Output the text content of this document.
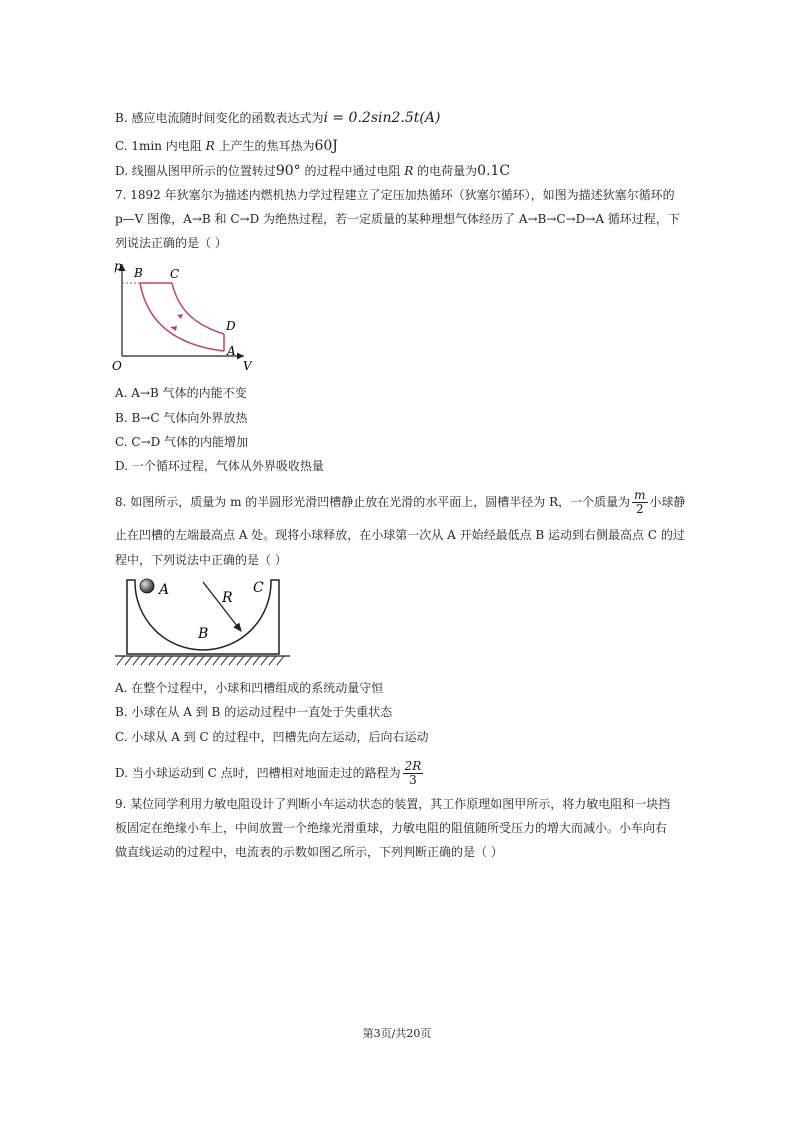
B. 感应电流随时间变化的函数表达式为i = 0.2sin2.5t(A)
C. 1min 内电阻 R 上产生的焦耳热为60J
D. 线圈从图甲所示的位置转过90° 的过程中通过电阻 R 的电荷量为0.1C
7. 1892 年狄塞尔为描述内燃机热力学过程建立了定压加热循环（狄塞尔循环），如图为描述狄塞尔循环的
p—V 图像，A→B 和 C→D 为绝热过程，若一定质量的某种理想气体经历了 A→B→C→D→A 循环过程，下
列说法正确的是（ ）
p
V
O
B C
D
A
A. A→B 气体的内能不变
B. B→C 气体向外界放热
C. C→D 气体的内能增加
D. 一个循环过程，气体从外界吸收热量
8. 如图所示，质量为 m 的半圆形光滑凹槽静止放在光滑的水平面上，圆槽半径为 R，一个质量为 $\frac{m}{2}$ 小球静
止在凹槽的左端最高点 A 处。现将小球释放，在小球第一次从 A 开始经最低点 B 运动到右侧最高点 C 的过
程中，下列说法中正确的是（ ）
A	C
R
B
A. 在整个过程中，小球和凹槽组成的系统动量守恒
B. 小球在从 A 到 B 的运动过程中一直处于失重状态
C. 小球从 A 到 C 的过程中，凹槽先向左运动，后向右运动
D. 当小球运动到 C 点时，凹槽相对地面走过的路程为 $\frac{2R}{3}$
9. 某位同学利用力敏电阻设计了判断小车运动状态的装置，其工作原理如图甲所示，将力敏电阻和一块挡
板固定在绝缘小车上，中间放置一个绝缘光滑重球，力敏电阻的阻值随所受压力的增大而减小。小车向右
做直线运动的过程中，电流表的示数如图乙所示，下列判断正确的是（ ）
第3页/共20页
